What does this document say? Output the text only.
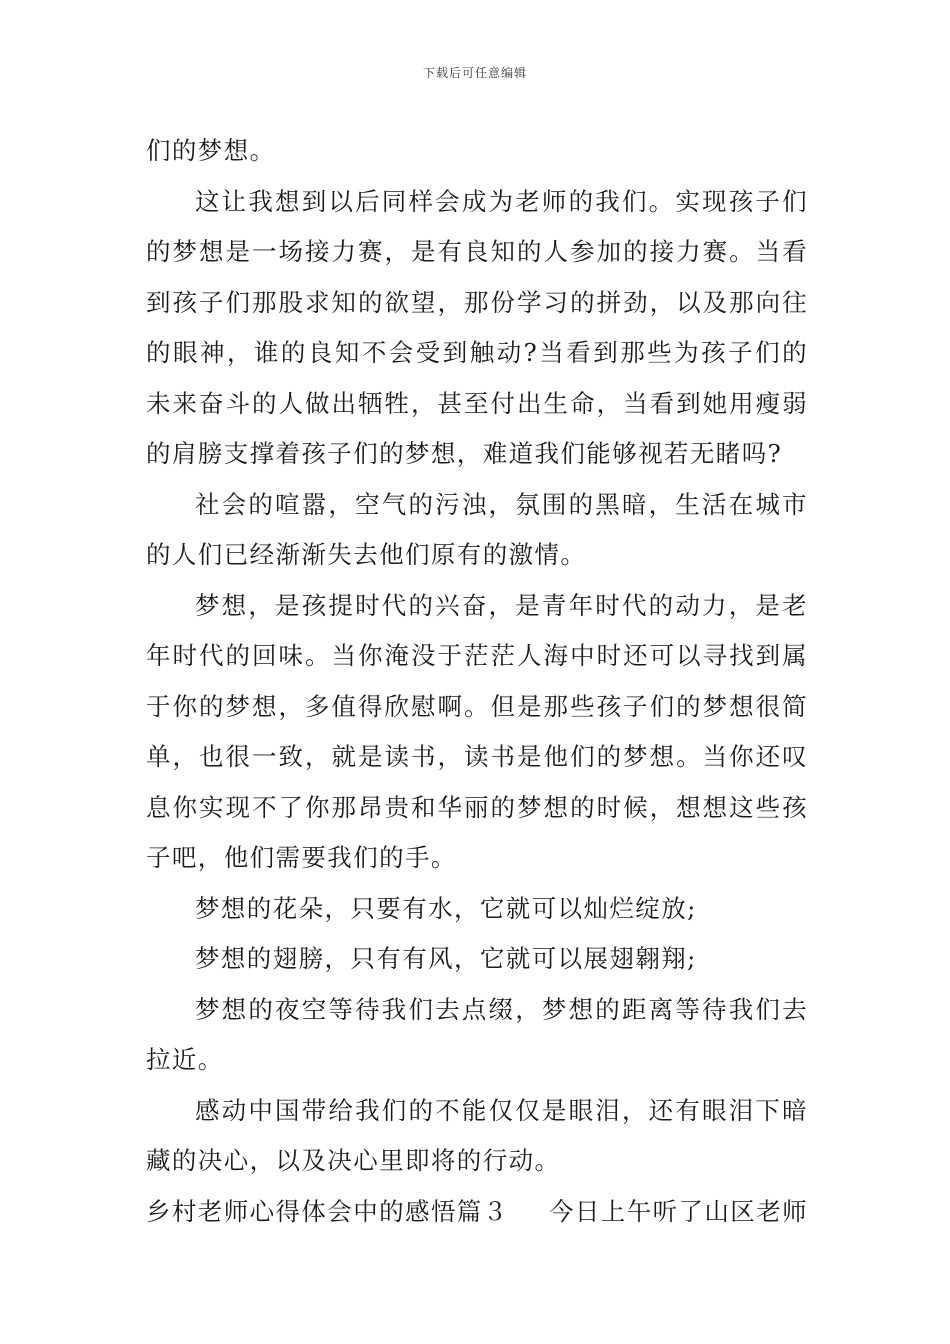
下载后可任意编辑

们的梦想。

这让我想到以后同样会成为老师的我们。实现孩子们的梦想是一场接力赛，是有良知的人参加的接力赛。当看到孩子们那股求知的欲望，那份学习的拼劲，以及那向往的眼神，谁的良知不会受到触动?当看到那些为孩子们的未来奋斗的人做出牺牲，甚至付出生命，当看到她用瘦弱的肩膀支撑着孩子们的梦想，难道我们能够视若无睹吗?

社会的喧嚣，空气的污浊，氛围的黑暗，生活在城市的人们已经渐渐失去他们原有的激情。

梦想，是孩提时代的兴奋，是青年时代的动力，是老年时代的回味。当你淹没于茫茫人海中时还可以寻找到属于你的梦想，多值得欣慰啊。但是那些孩子们的梦想很简单，也很一致，就是读书，读书是他们的梦想。当你还叹息你实现不了你那昂贵和华丽的梦想的时候，想想这些孩子吧，他们需要我们的手。

梦想的花朵，只要有水，它就可以灿烂绽放;

梦想的翅膀，只有有风，它就可以展翅翱翔;

梦想的夜空等待我们去点缀，梦想的距离等待我们去拉近。

感动中国带给我们的不能仅仅是眼泪，还有眼泪下暗藏的决心，以及决心里即将的行动。

乡村老师心得体会中的感悟篇３ 今日上午听了山区老师
